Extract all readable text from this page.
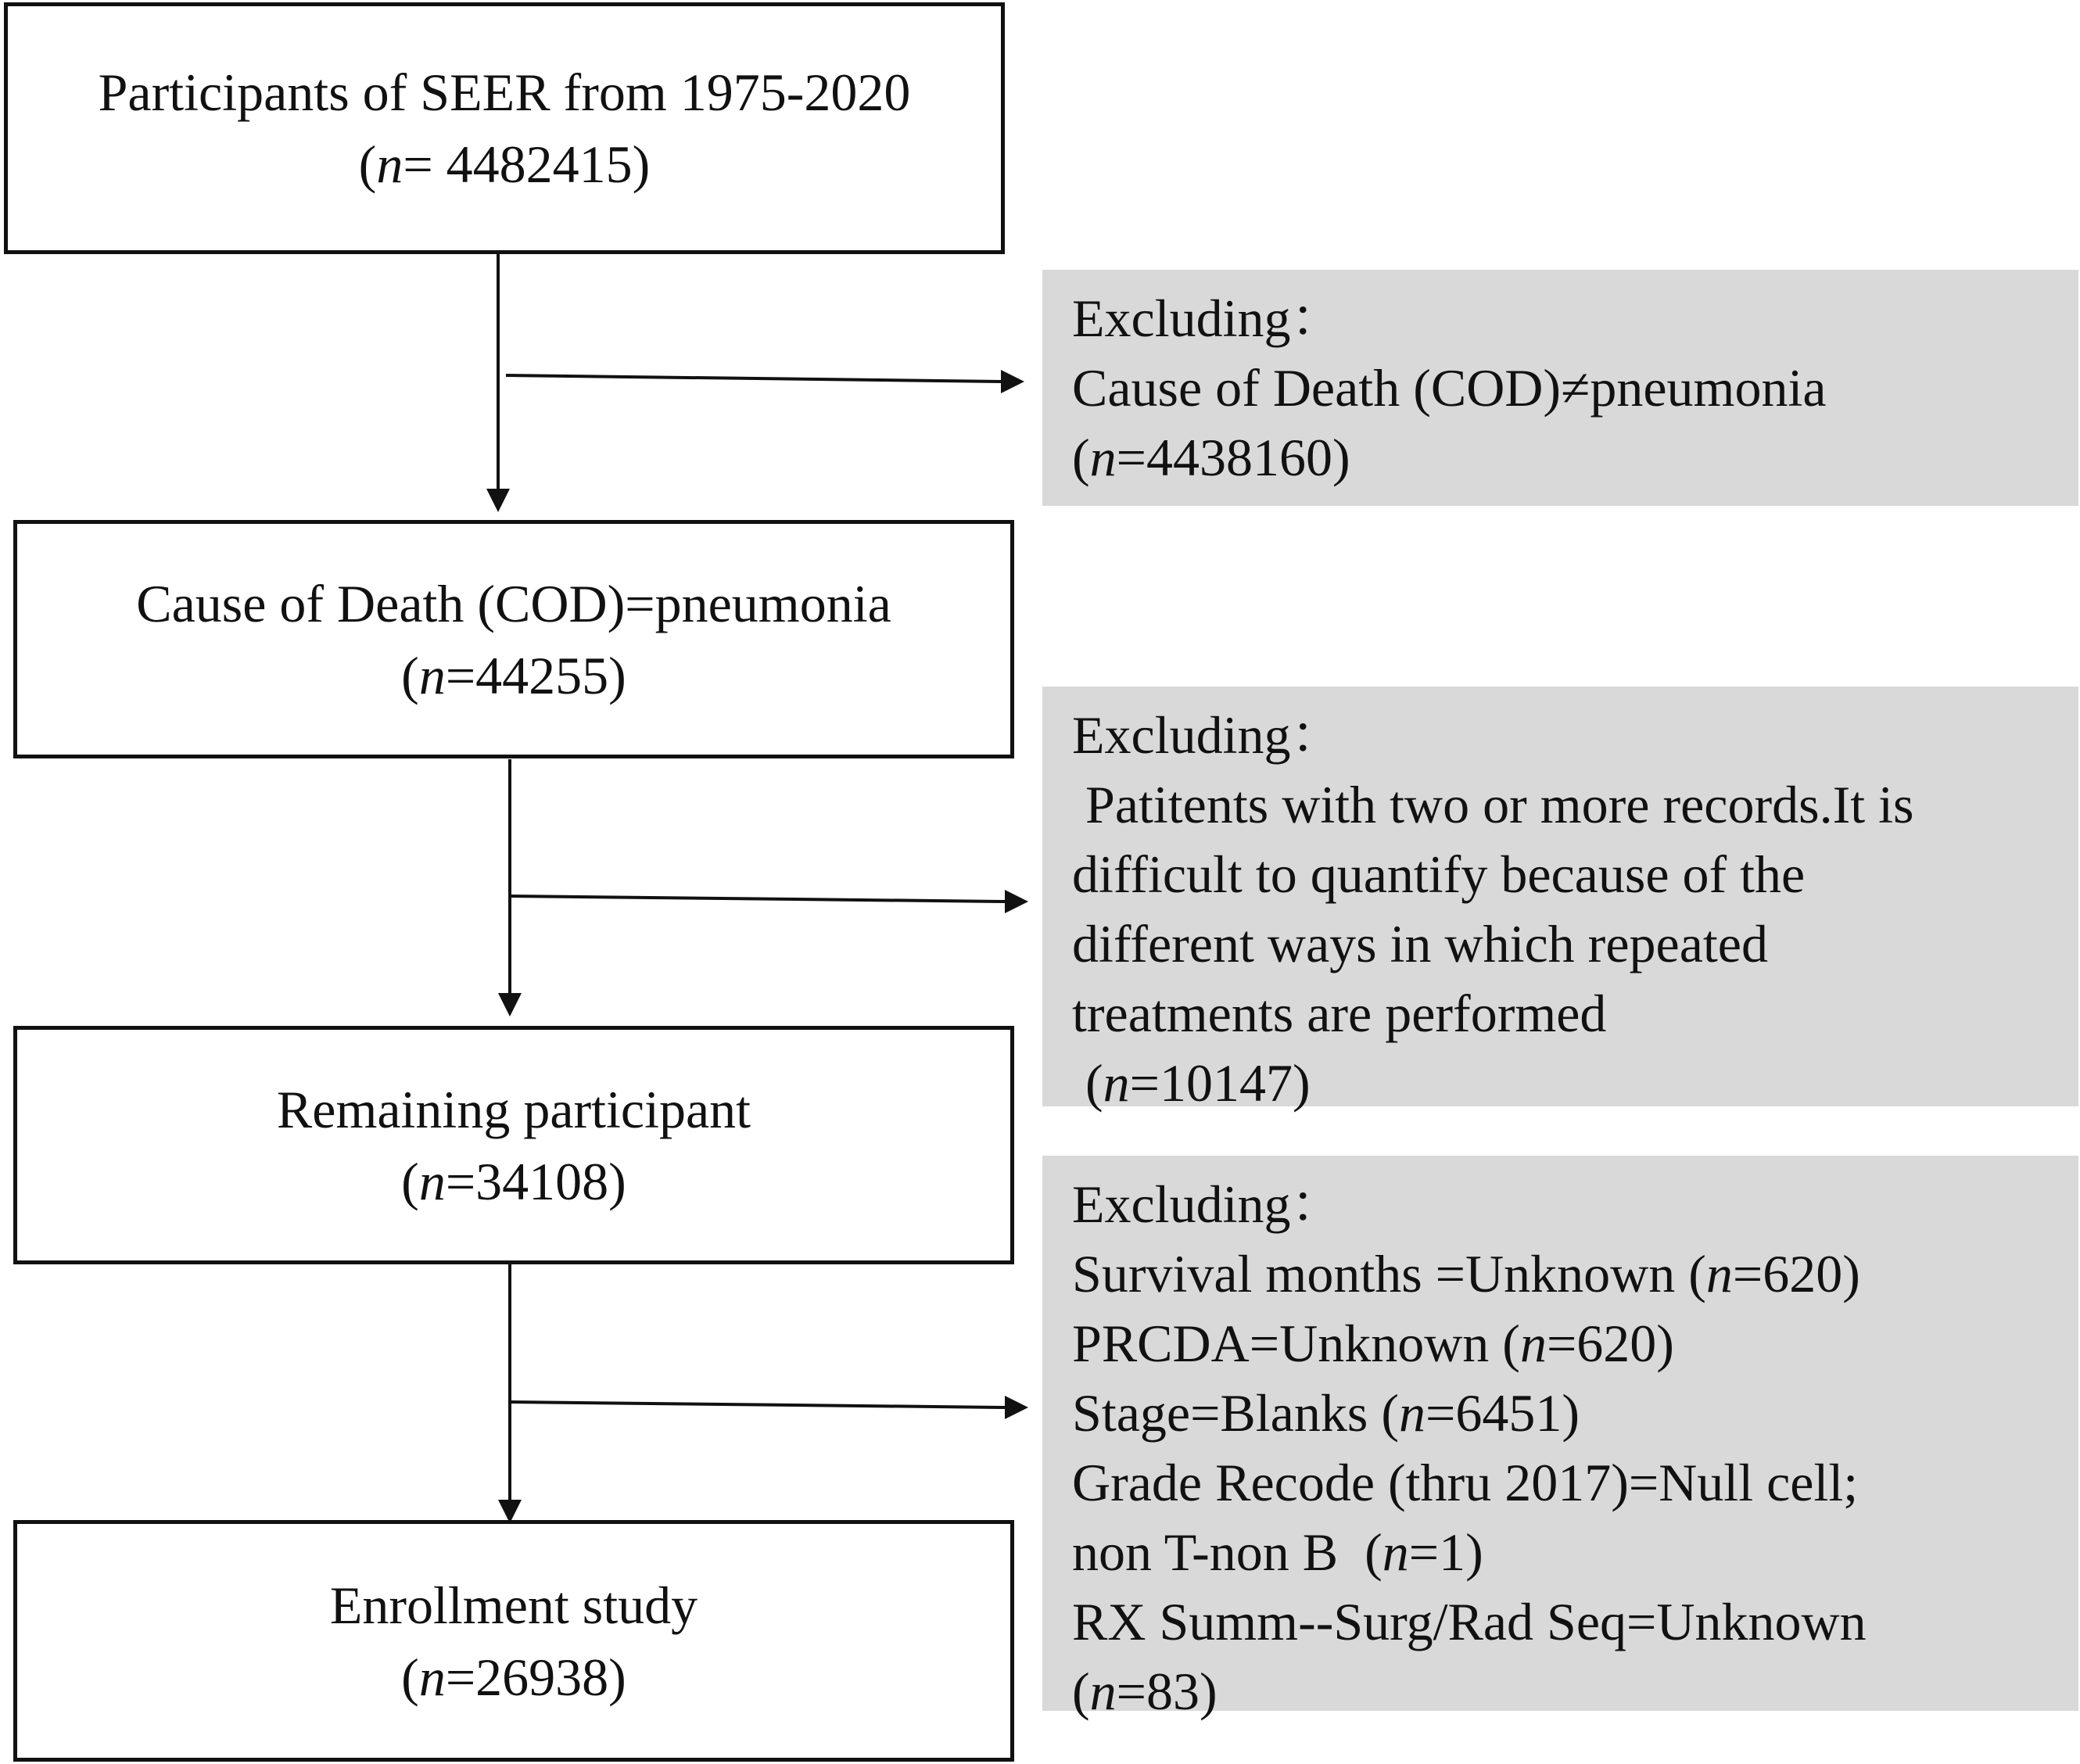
Participants of SEER from 1975-2020
(n= 4482415)
Cause of Death (COD)=pneumonia
(n=44255)
Remaining participant
(n=34108)
Enrollment study
(n=26938)
Excluding：
Cause of Death (COD)≠pneumonia
(n=4438160)
Excluding：
Patitents with two or more records.It is
difficult to quantify because of the
different ways in which repeated
treatments are performed
(n=10147)
Excluding：
Survival months =Unknown (n=620)
PRCDA=Unknown (n=620)
Stage=Blanks (n=6451)
Grade Recode (thru 2017)=Null cell;
non T-non B  (n=1)
RX Summ--Surg/Rad Seq=Unknown
(n=83)
